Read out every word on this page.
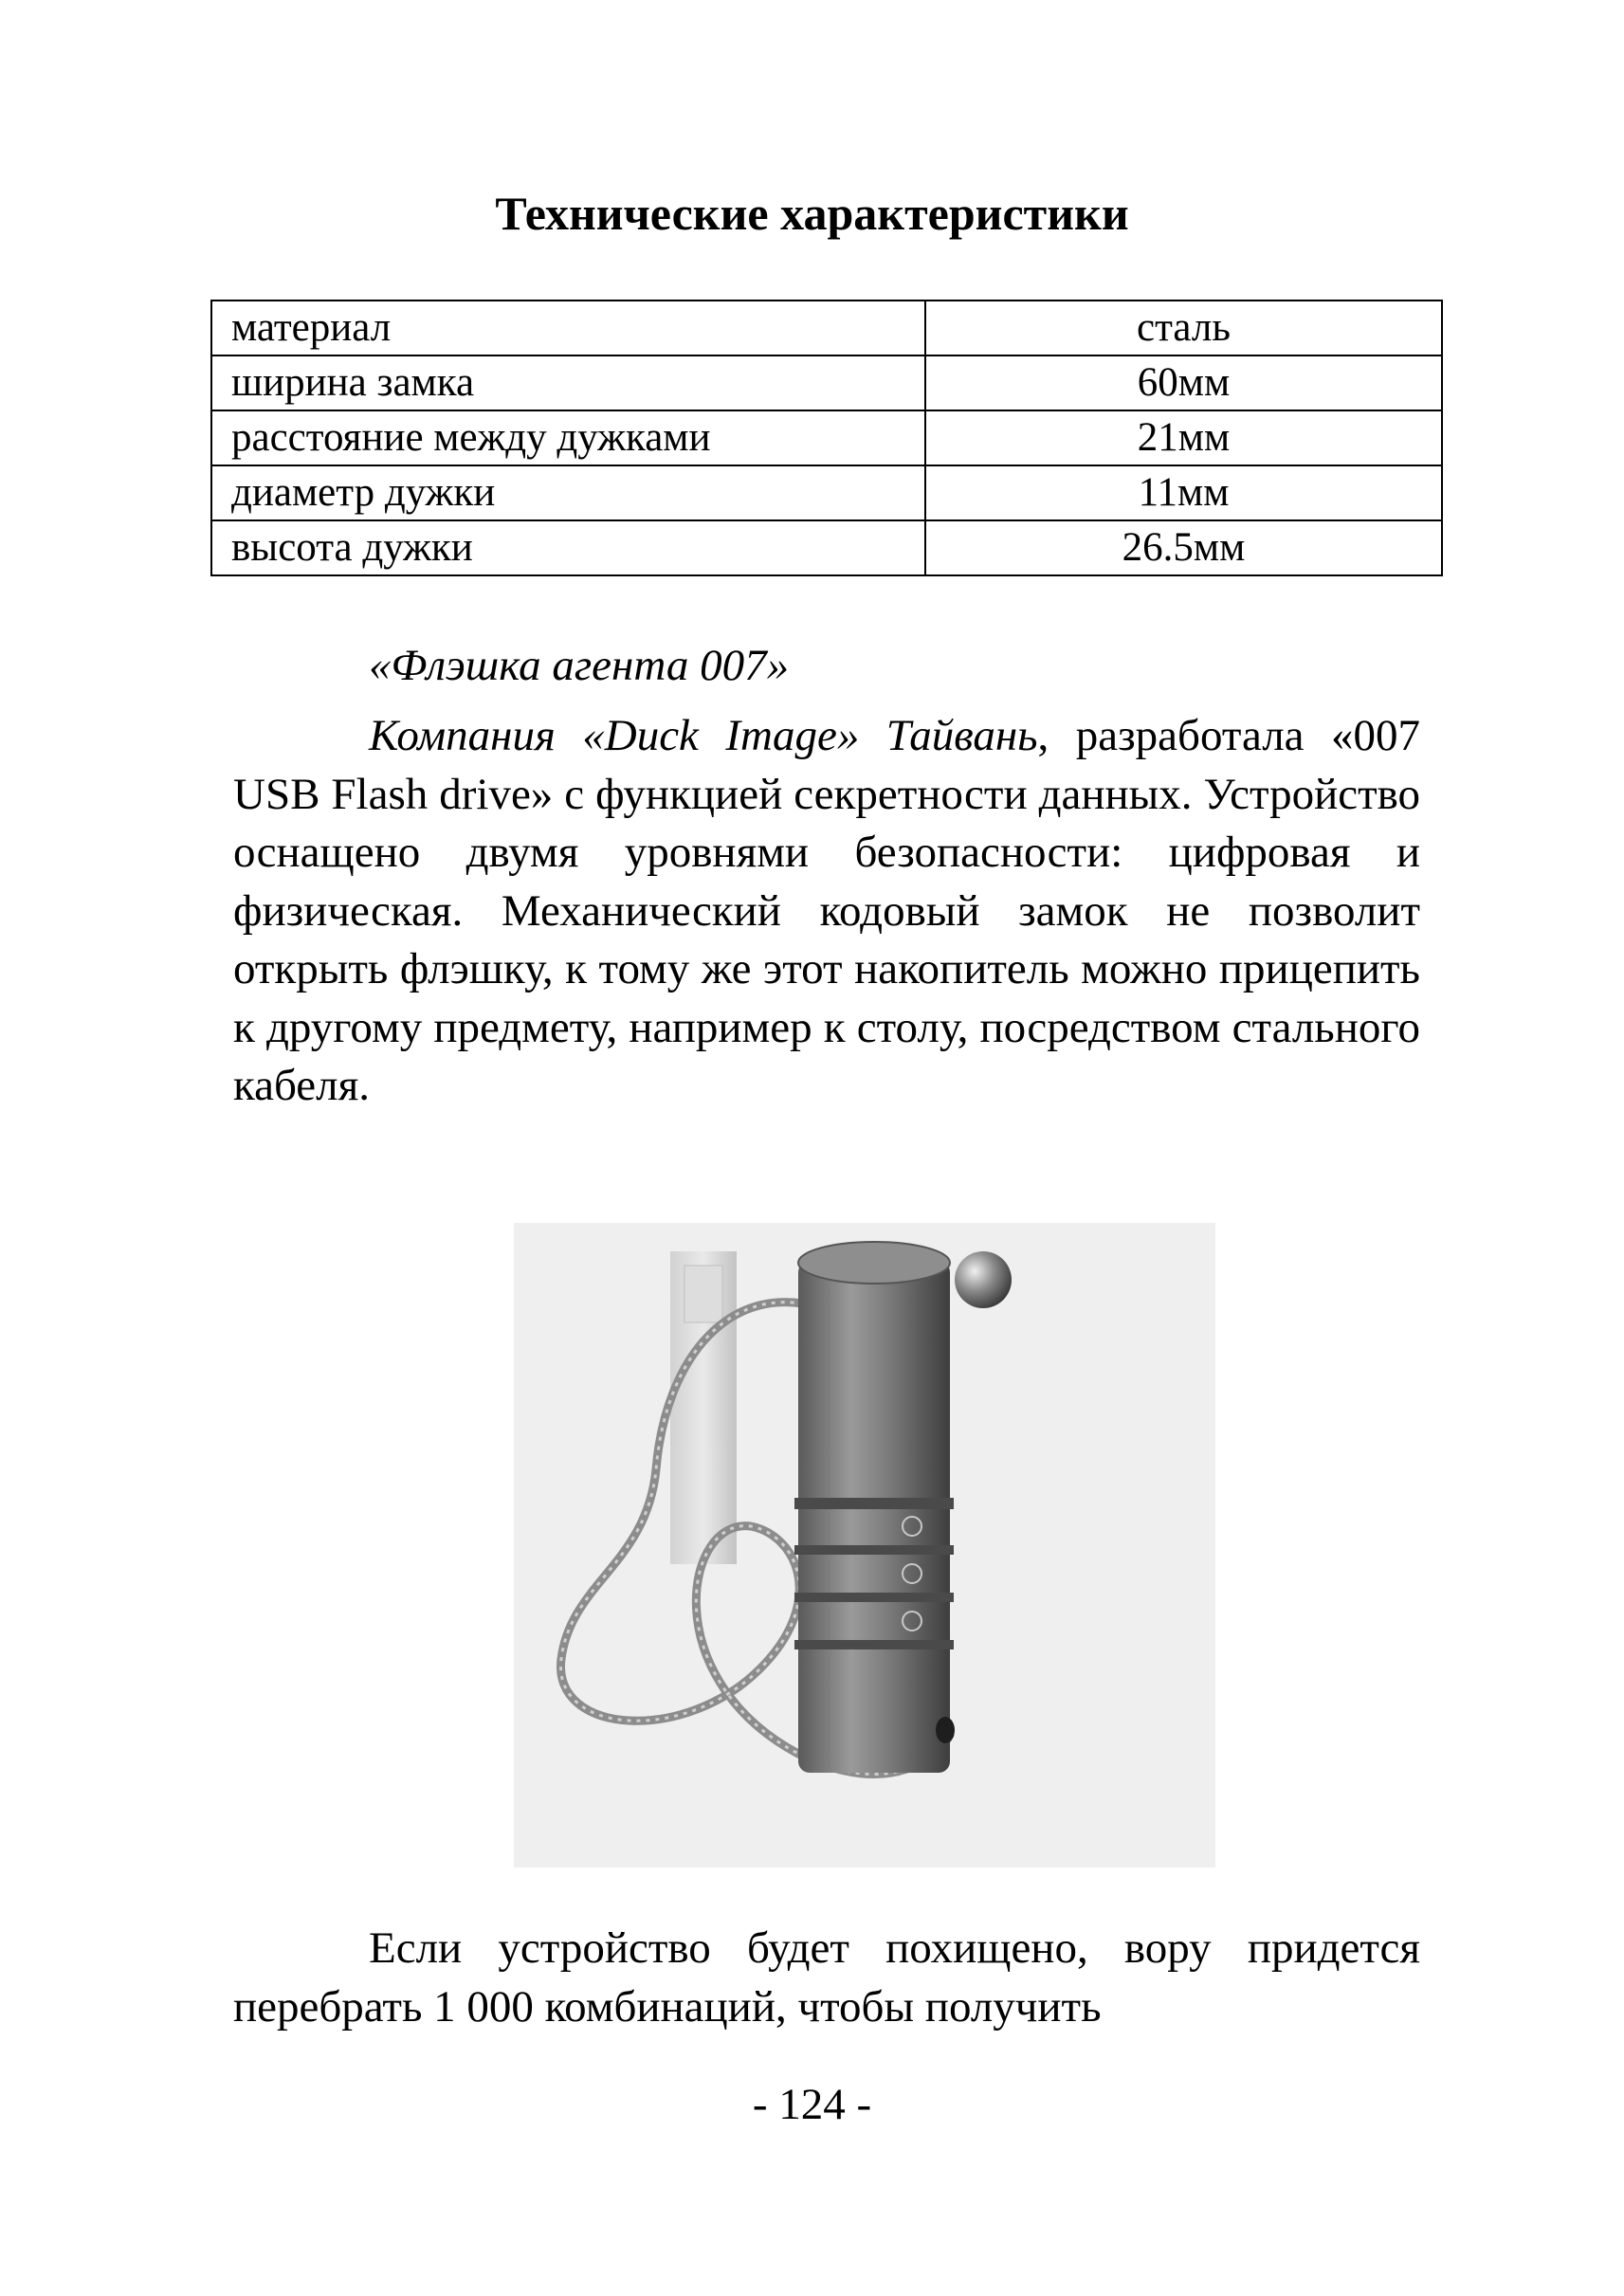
Технические характеристики
материал	сталь
ширина замка	60мм
расстояние между дужками	21мм
диаметр дужки	11мм
высота дужки	26.5мм
«Флэшка агента 007»
Компания «Duck Image» Тайвань, разработала «007 USB Flash drive» с функцией секретности данных. Устройство оснащено двумя уровнями безопасности: цифровая и физическая. Механический кодовый замок не позволит открыть флэшку, к тому же этот накопитель можно прицепить к другому предмету, например к столу, посредством стального кабеля.
Если устройство будет похищено, вору придется перебрать 1 000 комбинаций, чтобы получить
- 124 -
